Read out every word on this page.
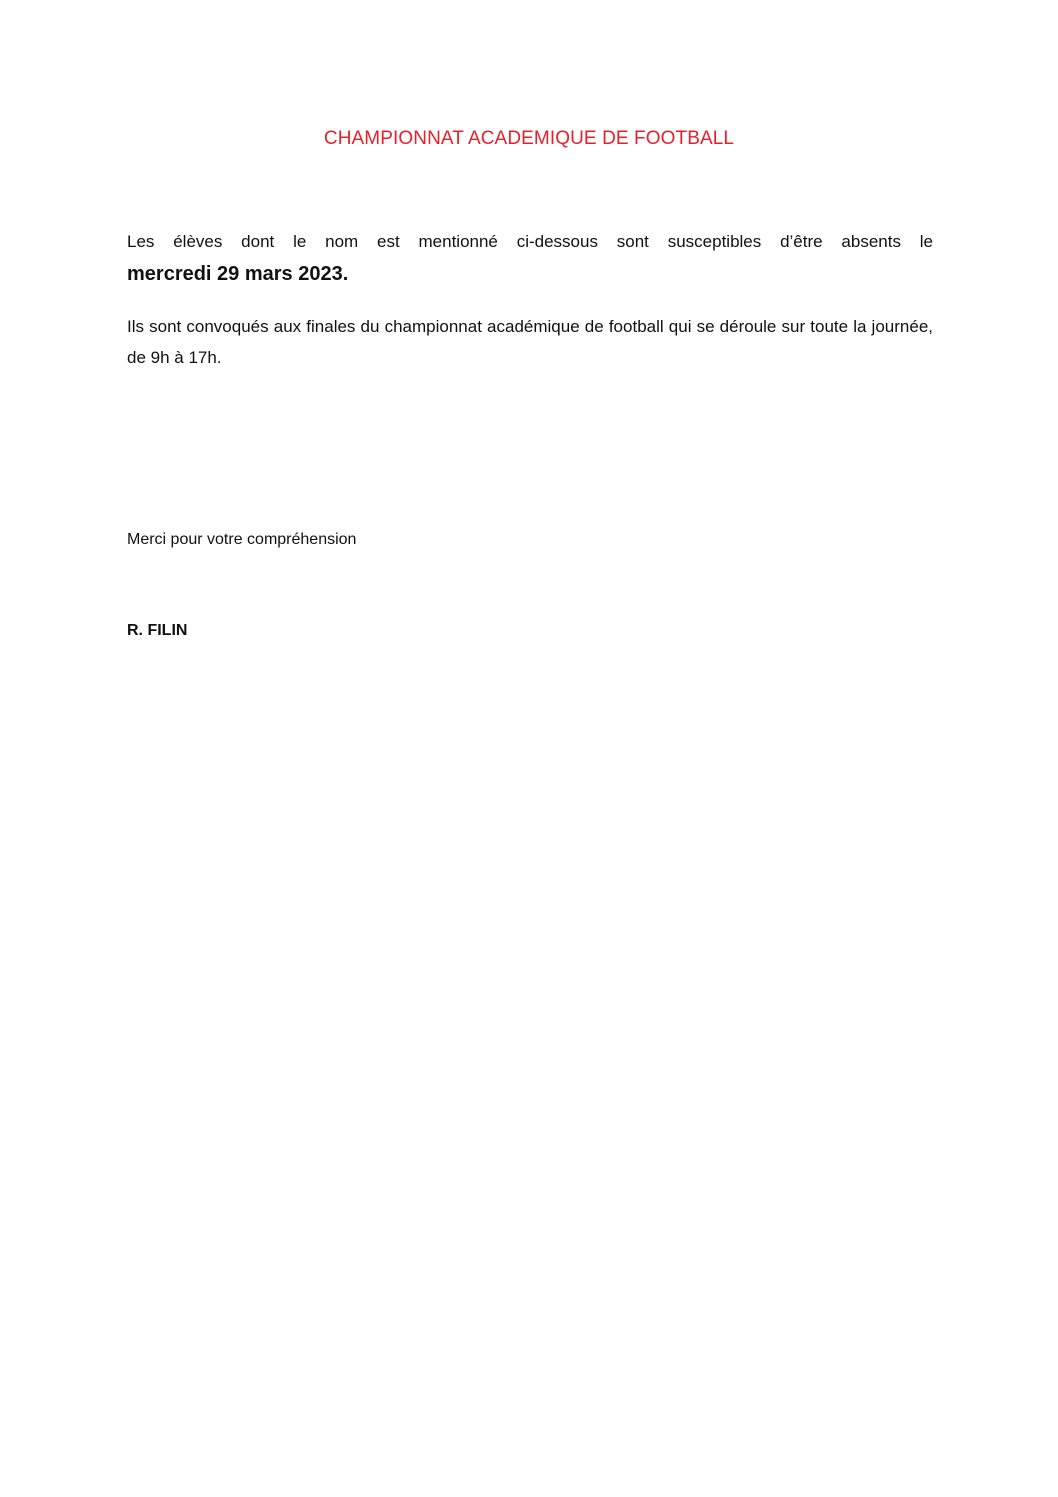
CHAMPIONNAT ACADEMIQUE DE FOOTBALL
Les élèves dont le nom est mentionné ci-dessous sont susceptibles d’être absents le
mercredi 29 mars 2023.
Ils sont convoqués aux finales du championnat académique de football qui se déroule sur toute la journée, de 9h à 17h.
Merci pour votre compréhension
R. FILIN
